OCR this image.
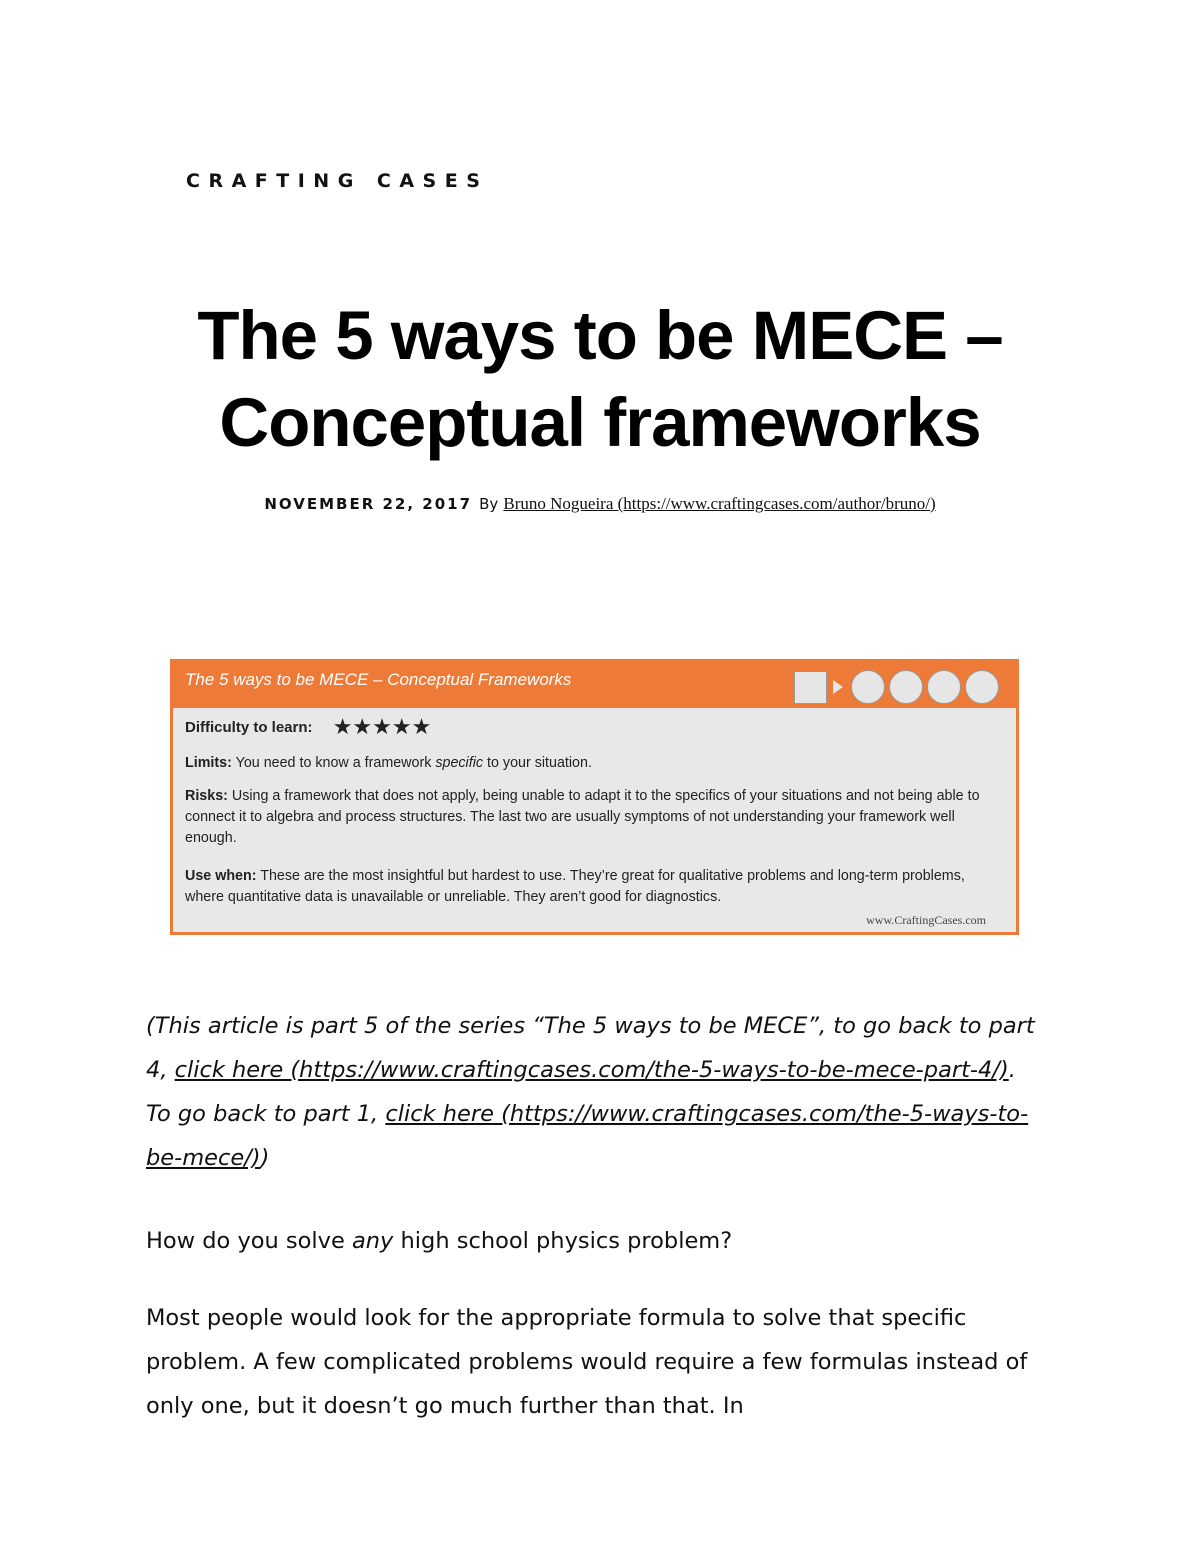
CRAFTING CASES
The 5 ways to be MECE –
Conceptual frameworks
NOVEMBER 22, 2017 By Bruno Nogueira (https://www.craftingcases.com/author/bruno/)
The 5 ways to be MECE – Conceptual Frameworks
Difficulty to learn: ★★★★★
Limits: You need to know a framework specific to your situation.
Risks: Using a framework that does not apply, being unable to adapt it to the specifics of your situations and not being able to connect it to algebra and process structures. The last two are usually symptoms of not understanding your framework well enough.
Use when: These are the most insightful but hardest to use. They’re great for qualitative problems and long-term problems, where quantitative data is unavailable or unreliable. They aren’t good for diagnostics.
www.CraftingCases.com

(This article is part 5 of the series “The 5 ways to be MECE”, to go back to part 4, click here (https://www.craftingcases.com/the-5-ways-to-be-mece-part-4/). To go back to part 1, click here (https://www.craftingcases.com/the-5-ways-to-be-mece/))

How do you solve any high school physics problem?

Most people would look for the appropriate formula to solve that specific problem. A few complicated problems would require a few formulas instead of only one, but it doesn’t go much further than that. In
